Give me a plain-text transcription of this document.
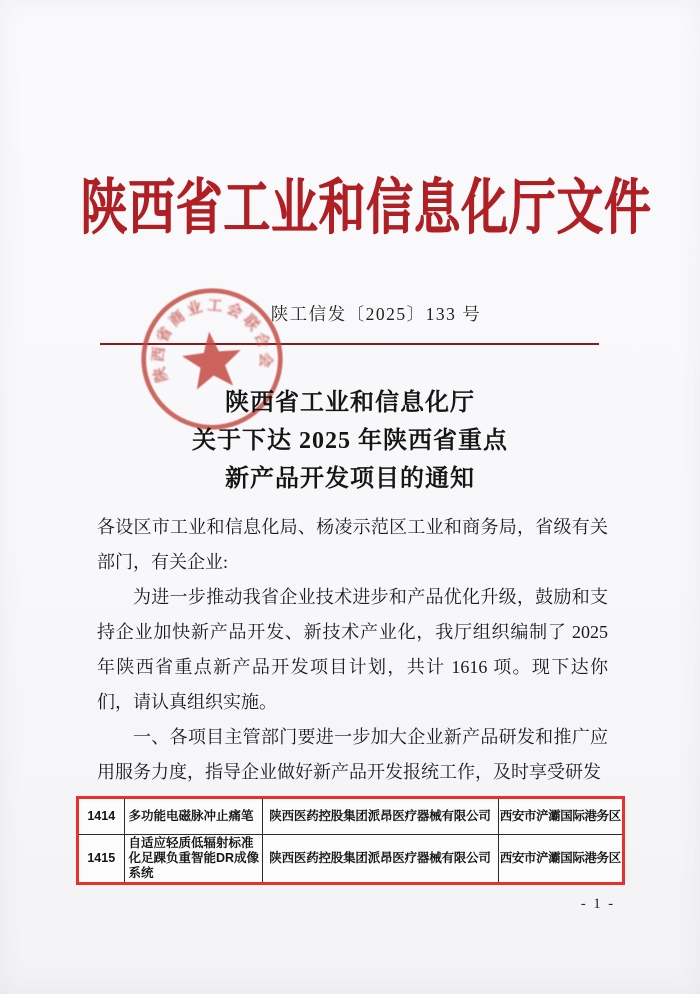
陕西省工业和信息化厅文件
陕工信发〔2025〕133 号
陕西省商业工会联合会
陕西省工业和信息化厅
关于下达 2025 年陕西省重点
新产品开发项目的通知

各设区市工业和信息化局、杨凌示范区工业和商务局，省级有关部门，有关企业:

为进一步推动我省企业技术进步和产品优化升级，鼓励和支持企业加快新产品开发、新技术产业化，我厅组织编制了 2025 年陕西省重点新产品开发项目计划，共计 1616 项。现下达你们，请认真组织实施。

一、各项目主管部门要进一步加大企业新产品研发和推广应用服务力度，指导企业做好新产品开发报统工作，及时享受研发

1414	多功能电磁脉冲止痛笔	陕西医药控股集团派昂医疗器械有限公司	西安市浐灞国际港务区
1415	自适应轻质低辐射标准化足踝负重智能DR成像系统	陕西医药控股集团派昂医疗器械有限公司	西安市浐灞国际港务区
- 1 -
